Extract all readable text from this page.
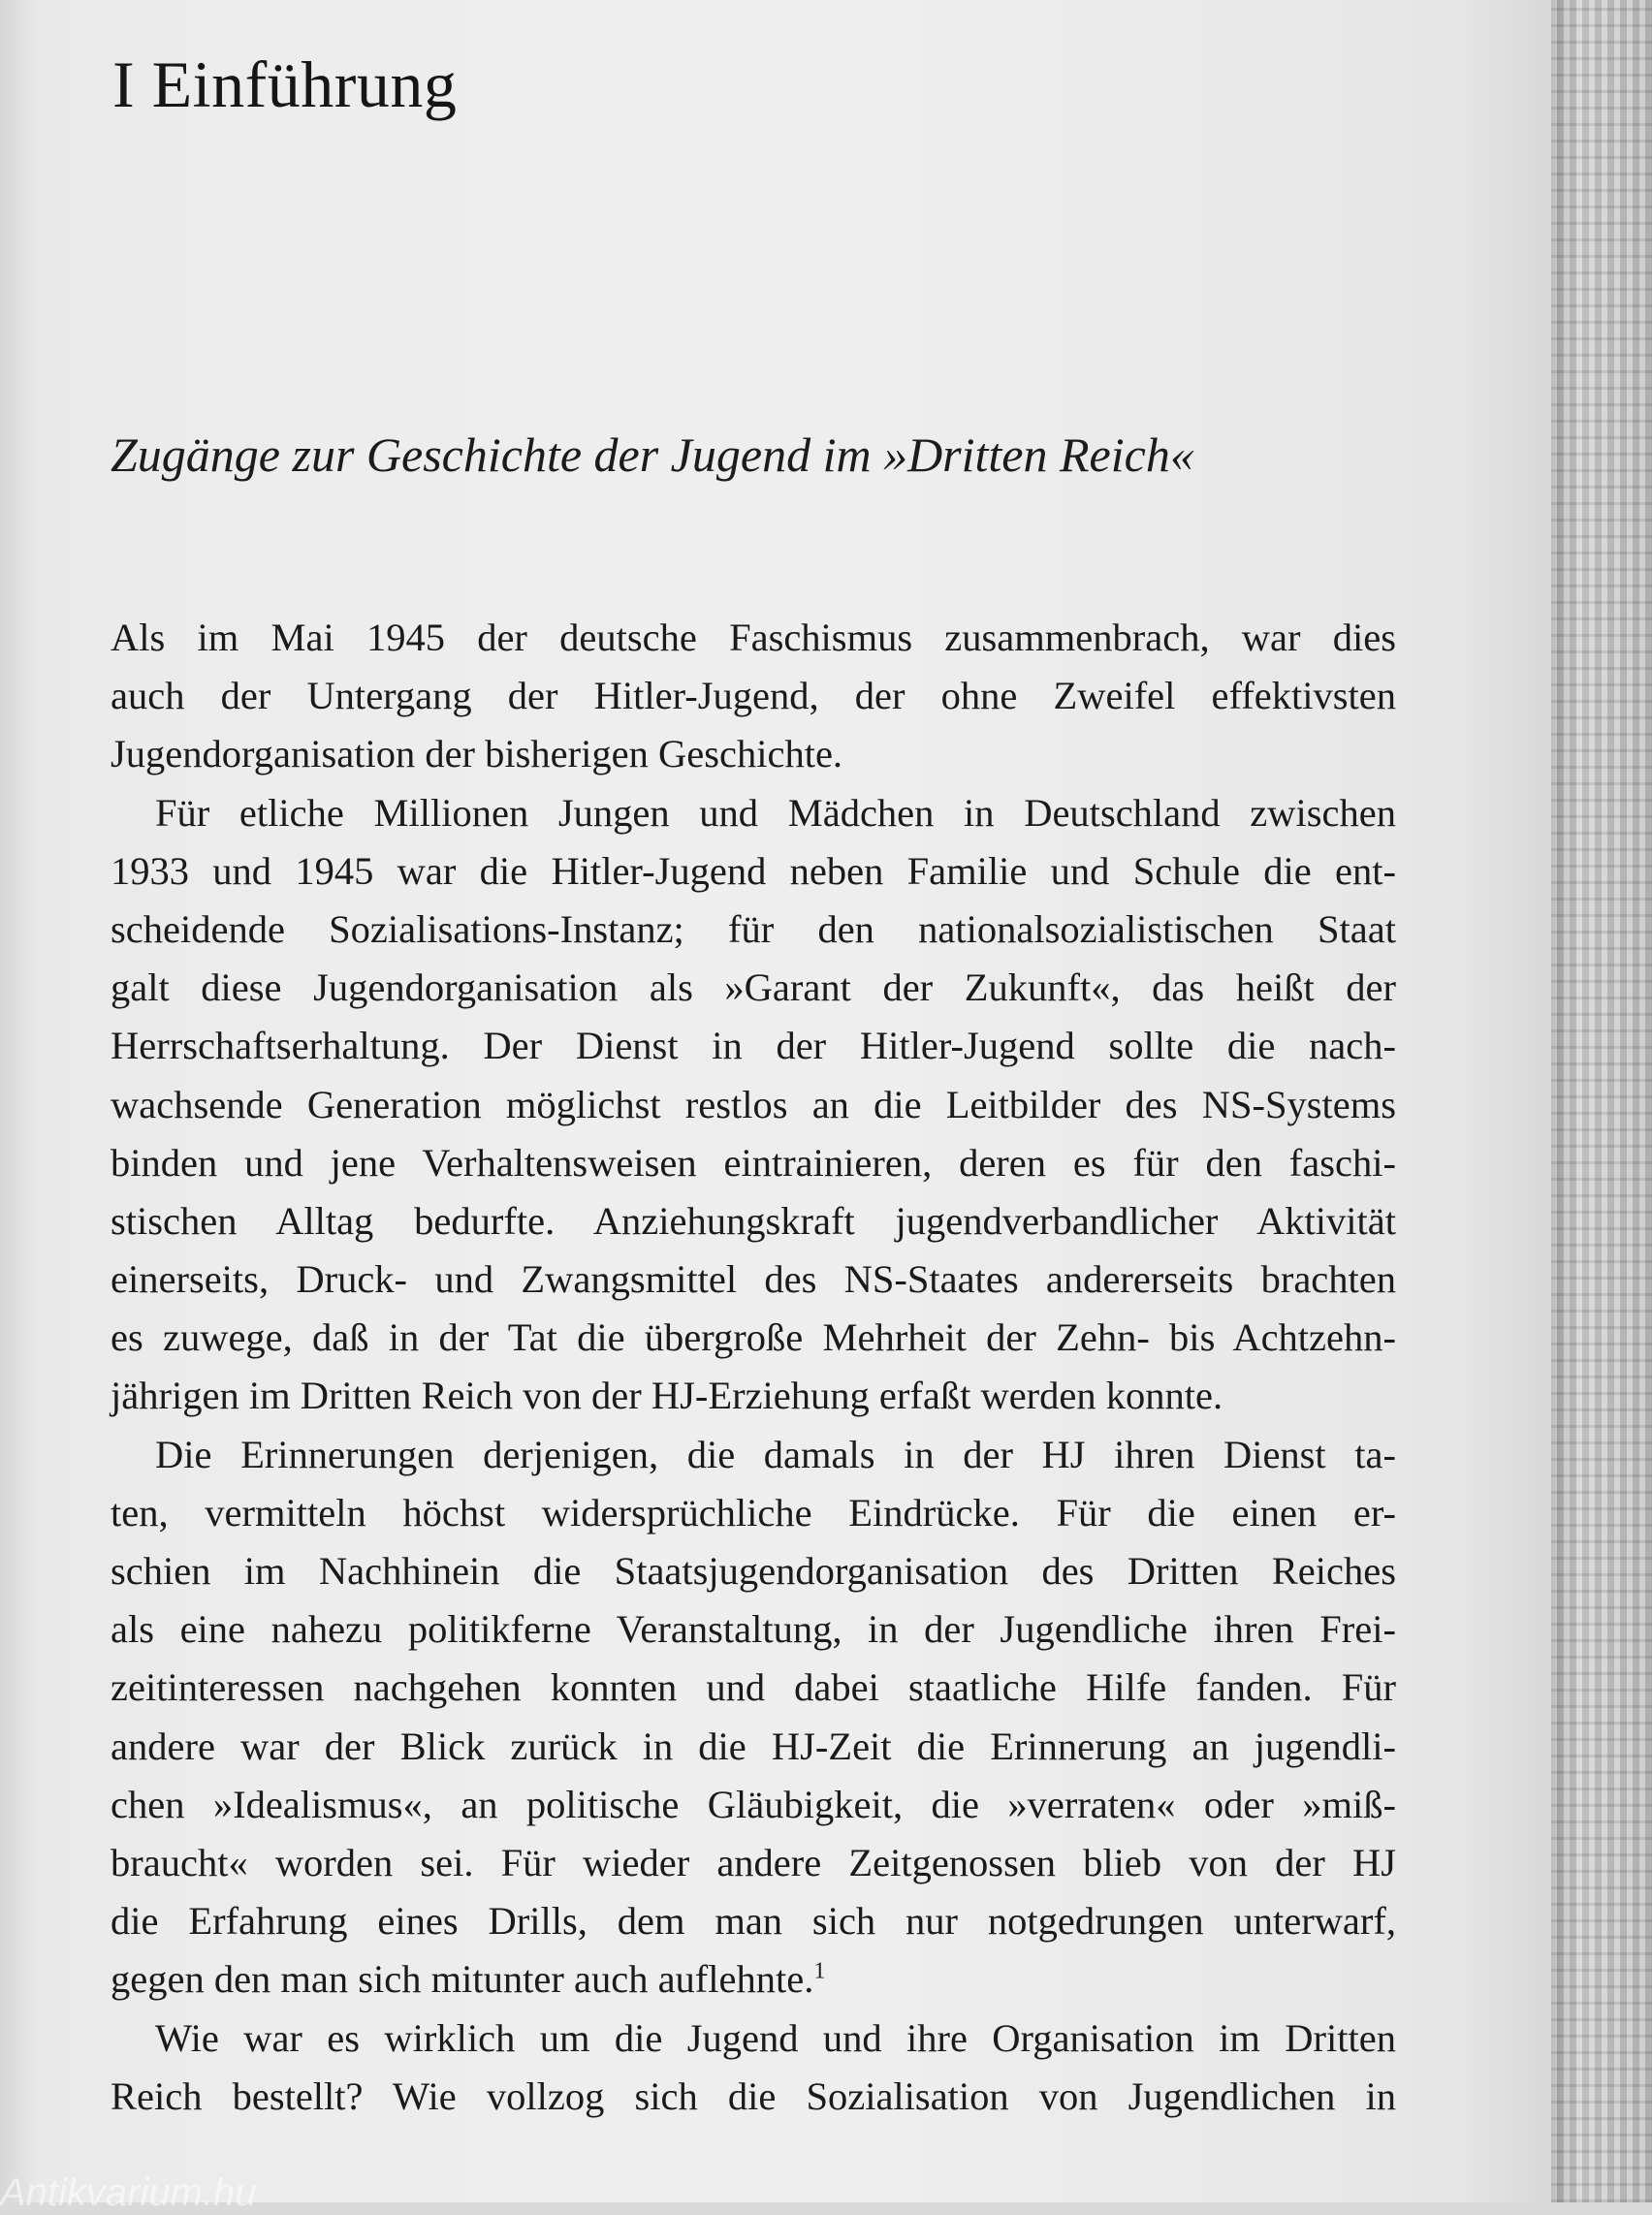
I Einführung
Zugänge zur Geschichte der Jugend im »Dritten Reich«

Als im Mai 1945 der deutsche Faschismus zusammenbrach, war dies
auch der Untergang der Hitler-Jugend, der ohne Zweifel effektivsten
Jugendorganisation der bisherigen Geschichte.

Für etliche Millionen Jungen und Mädchen in Deutschland zwischen
1933 und 1945 war die Hitler-Jugend neben Familie und Schule die ent-
scheidende Sozialisations-Instanz; für den nationalsozialistischen Staat
galt diese Jugendorganisation als »Garant der Zukunft«, das heißt der
Herrschaftserhaltung. Der Dienst in der Hitler-Jugend sollte die nach-
wachsende Generation möglichst restlos an die Leitbilder des NS-Systems
binden und jene Verhaltensweisen eintrainieren, deren es für den faschi-
stischen Alltag bedurfte. Anziehungskraft jugendverbandlicher Aktivität
einerseits, Druck- und Zwangsmittel des NS-Staates andererseits brachten
es zuwege, daß in der Tat die übergroße Mehrheit der Zehn- bis Achtzehn-
jährigen im Dritten Reich von der HJ-Erziehung erfaßt werden konnte.

Die Erinnerungen derjenigen, die damals in der HJ ihren Dienst ta-
ten, vermitteln höchst widersprüchliche Eindrücke. Für die einen er-
schien im Nachhinein die Staatsjugendorganisation des Dritten Reiches
als eine nahezu politikferne Veranstaltung, in der Jugendliche ihren Frei-
zeitinteressen nachgehen konnten und dabei staatliche Hilfe fanden. Für
andere war der Blick zurück in die HJ-Zeit die Erinnerung an jugendli-
chen »Idealismus«, an politische Gläubigkeit, die »verraten« oder »miß-
braucht« worden sei. Für wieder andere Zeitgenossen blieb von der HJ
die Erfahrung eines Drills, dem man sich nur notgedrungen unterwarf,
gegen den man sich mitunter auch auflehnte.$^1$

Wie war es wirklich um die Jugend und ihre Organisation im Dritten
Reich bestellt? Wie vollzog sich die Sozialisation von Jugendlichen in

Antikvarium.hu
